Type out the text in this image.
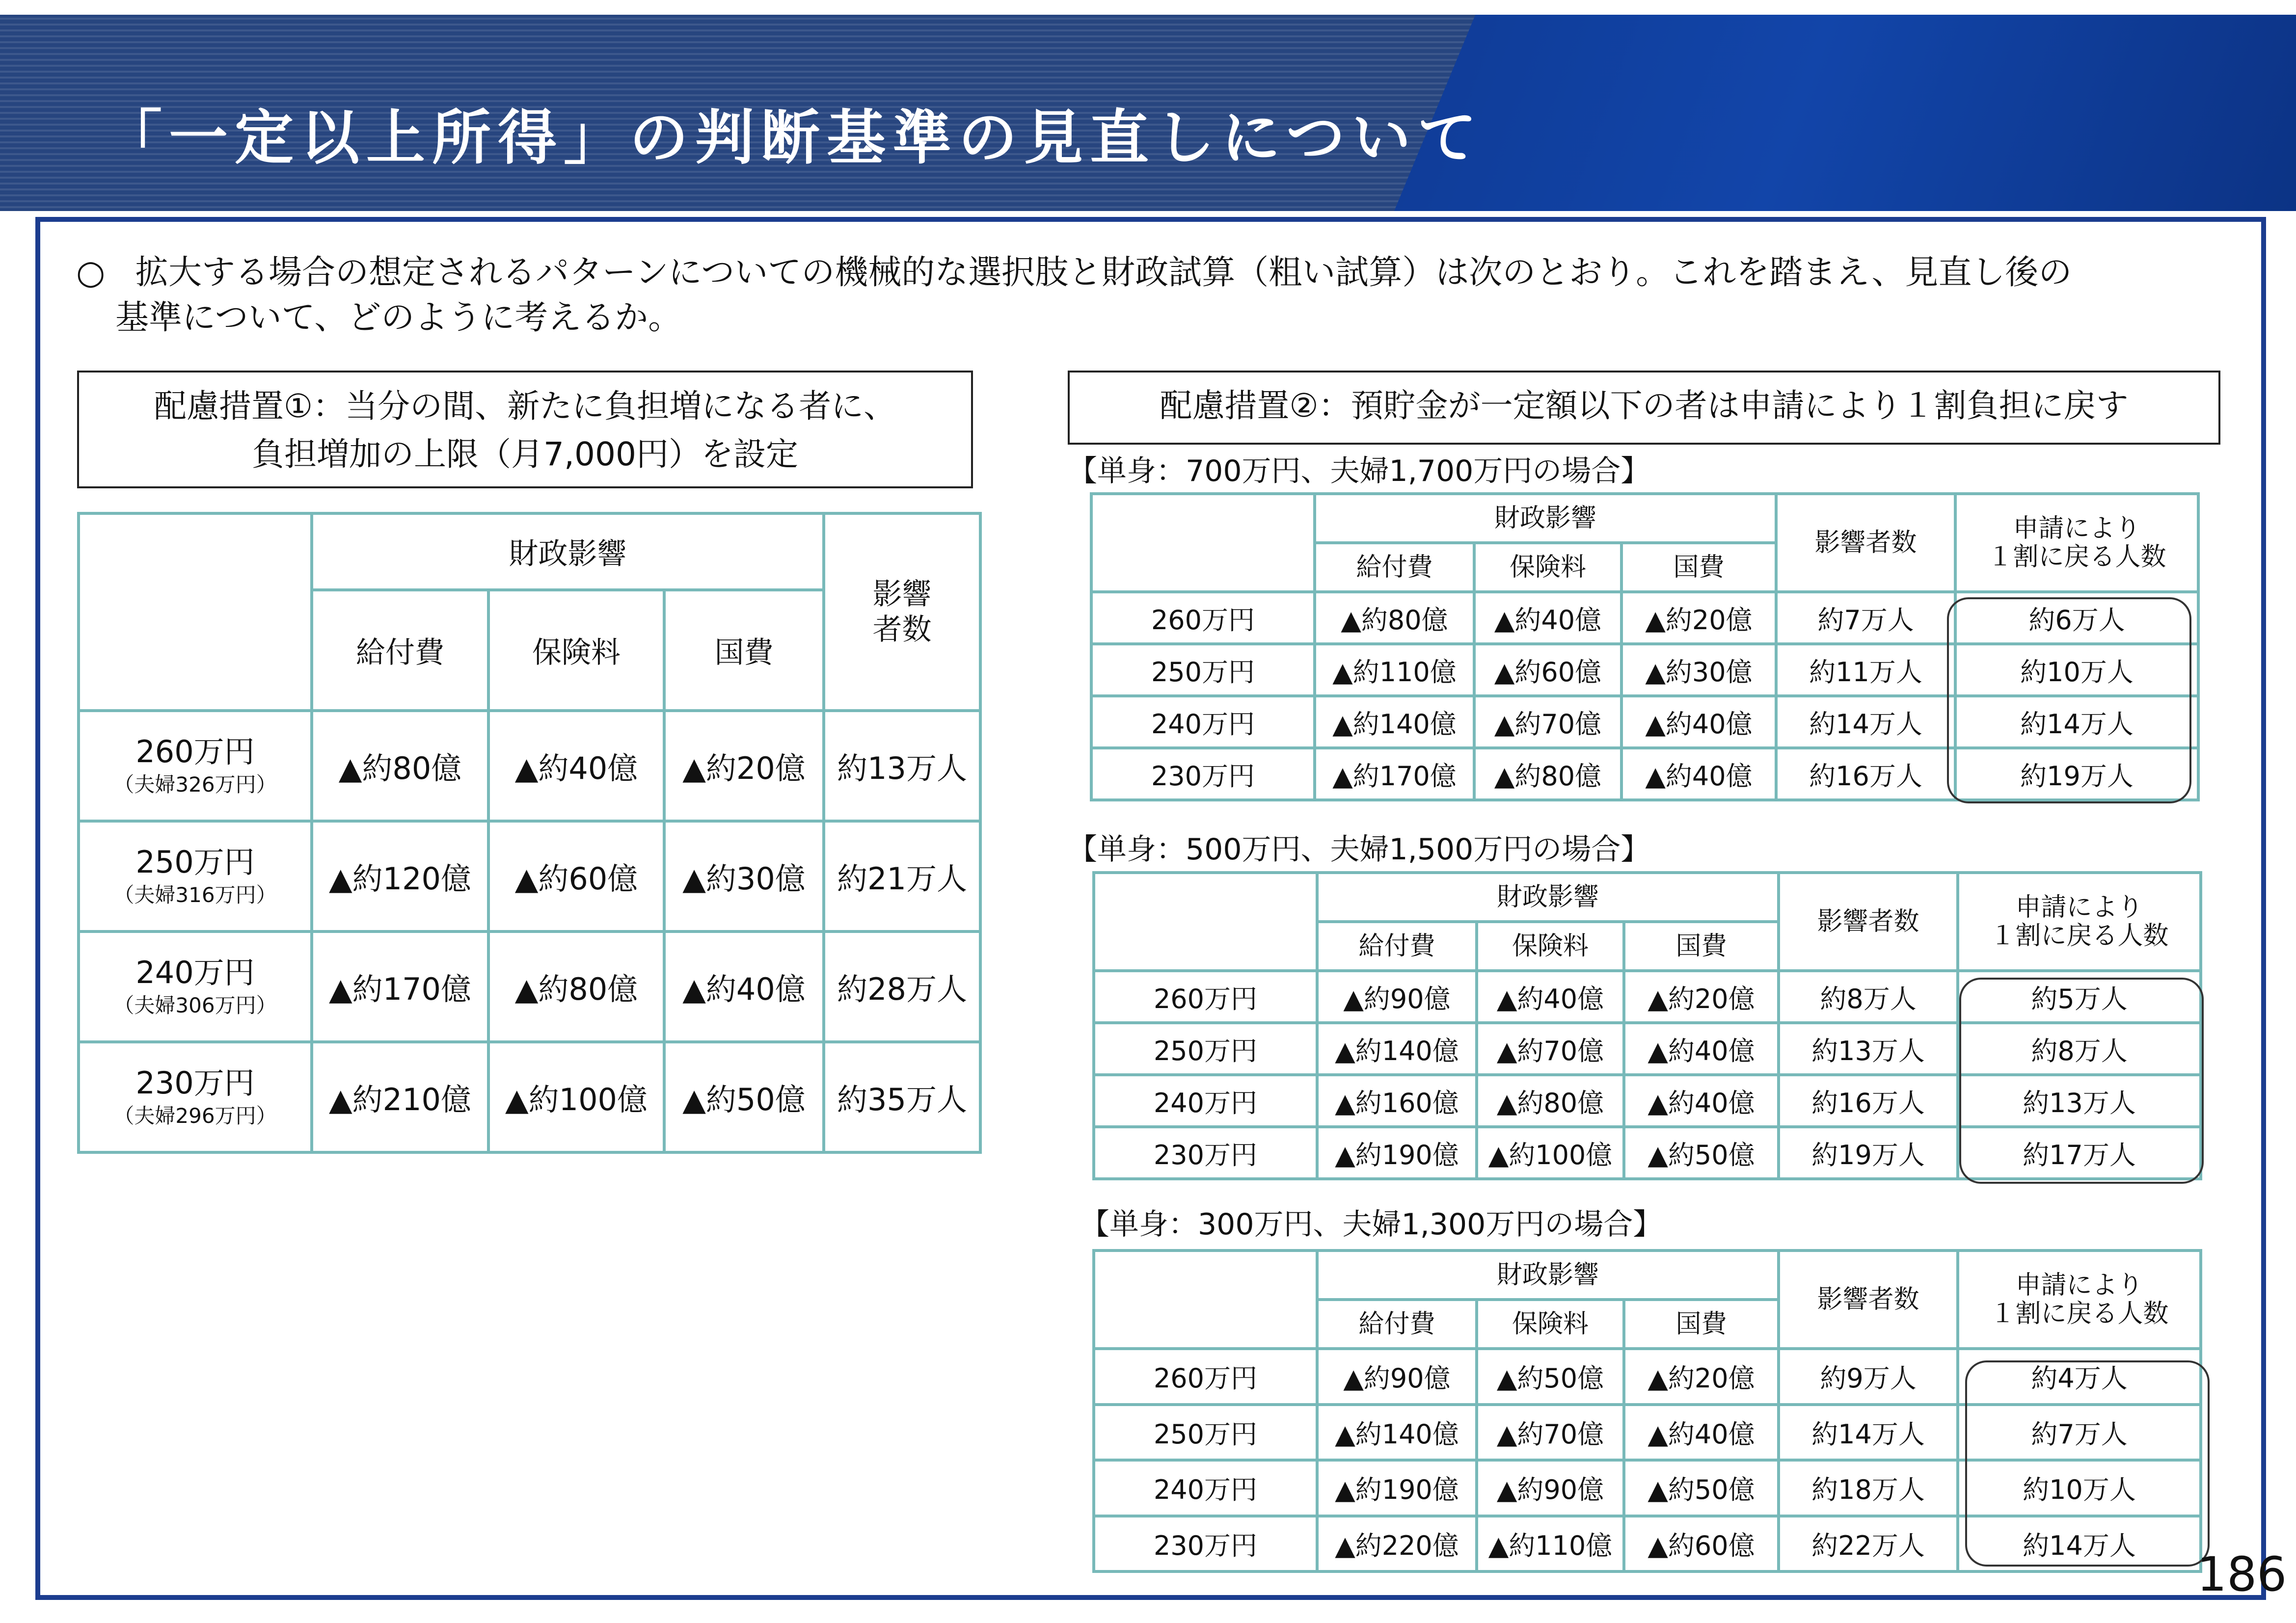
「一定以上所得」の判断基準の見直しについて
○ 拡大する場合の想定されるパターンについての機械的な選択肢と財政試算（粗い試算）は次のとおり。これを踏まえ、見直し後の
基準について、どのように考えるか。
配慮措置①：当分の間、新たに負担増になる者に、
負担増加の上限（月7,000円）を設定
	財政影響			影響
者数
	給付費	保険料	国費	

260万円
（夫婦326万円）	▲約80億	▲約40億	▲約20億	約13万人

250万円
（夫婦316万円）	▲約120億	▲約60億	▲約30億	約21万人

240万円
（夫婦306万円）	▲約170億	▲約80億	▲約40億	約28万人

230万円
（夫婦296万円）	▲約210億	▲約100億	▲約50億	約35万人
配慮措置②：預貯金が一定額以下の者は申請により１割負担に戻す
【単身：700万円、夫婦1,700万円の場合】
【単身：500万円、夫婦1,500万円の場合】
【単身：300万円、夫婦1,300万円の場合】
	財政影響			影響者数	申請により
１割に戻る人数

	給付費	保険料	国費		
260万円	▲約80億	▲約40億	▲約20億	約7万人	約6万人
250万円	▲約110億	▲約60億	▲約30億	約11万人	約10万人
240万円	▲約140億	▲約70億	▲約40億	約14万人	約14万人
230万円	▲約170億	▲約80億	▲約40億	約16万人	約19万人
	財政影響			影響者数	申請により
１割に戻る人数

	給付費	保険料	国費		
260万円	▲約90億	▲約40億	▲約20億	約8万人	約5万人
250万円	▲約140億	▲約70億	▲約40億	約13万人	約8万人
240万円	▲約160億	▲約80億	▲約40億	約16万人	約13万人
230万円	▲約190億	▲約100億	▲約50億	約19万人	約17万人
	財政影響			影響者数	申請により
１割に戻る人数

	給付費	保険料	国費		
260万円	▲約90億	▲約50億	▲約20億	約9万人	約4万人
250万円	▲約140億	▲約70億	▲約40億	約14万人	約7万人
240万円	▲約190億	▲約90億	▲約50億	約18万人	約10万人
230万円	▲約220億	▲約110億	▲約60億	約22万人	約14万人
186
